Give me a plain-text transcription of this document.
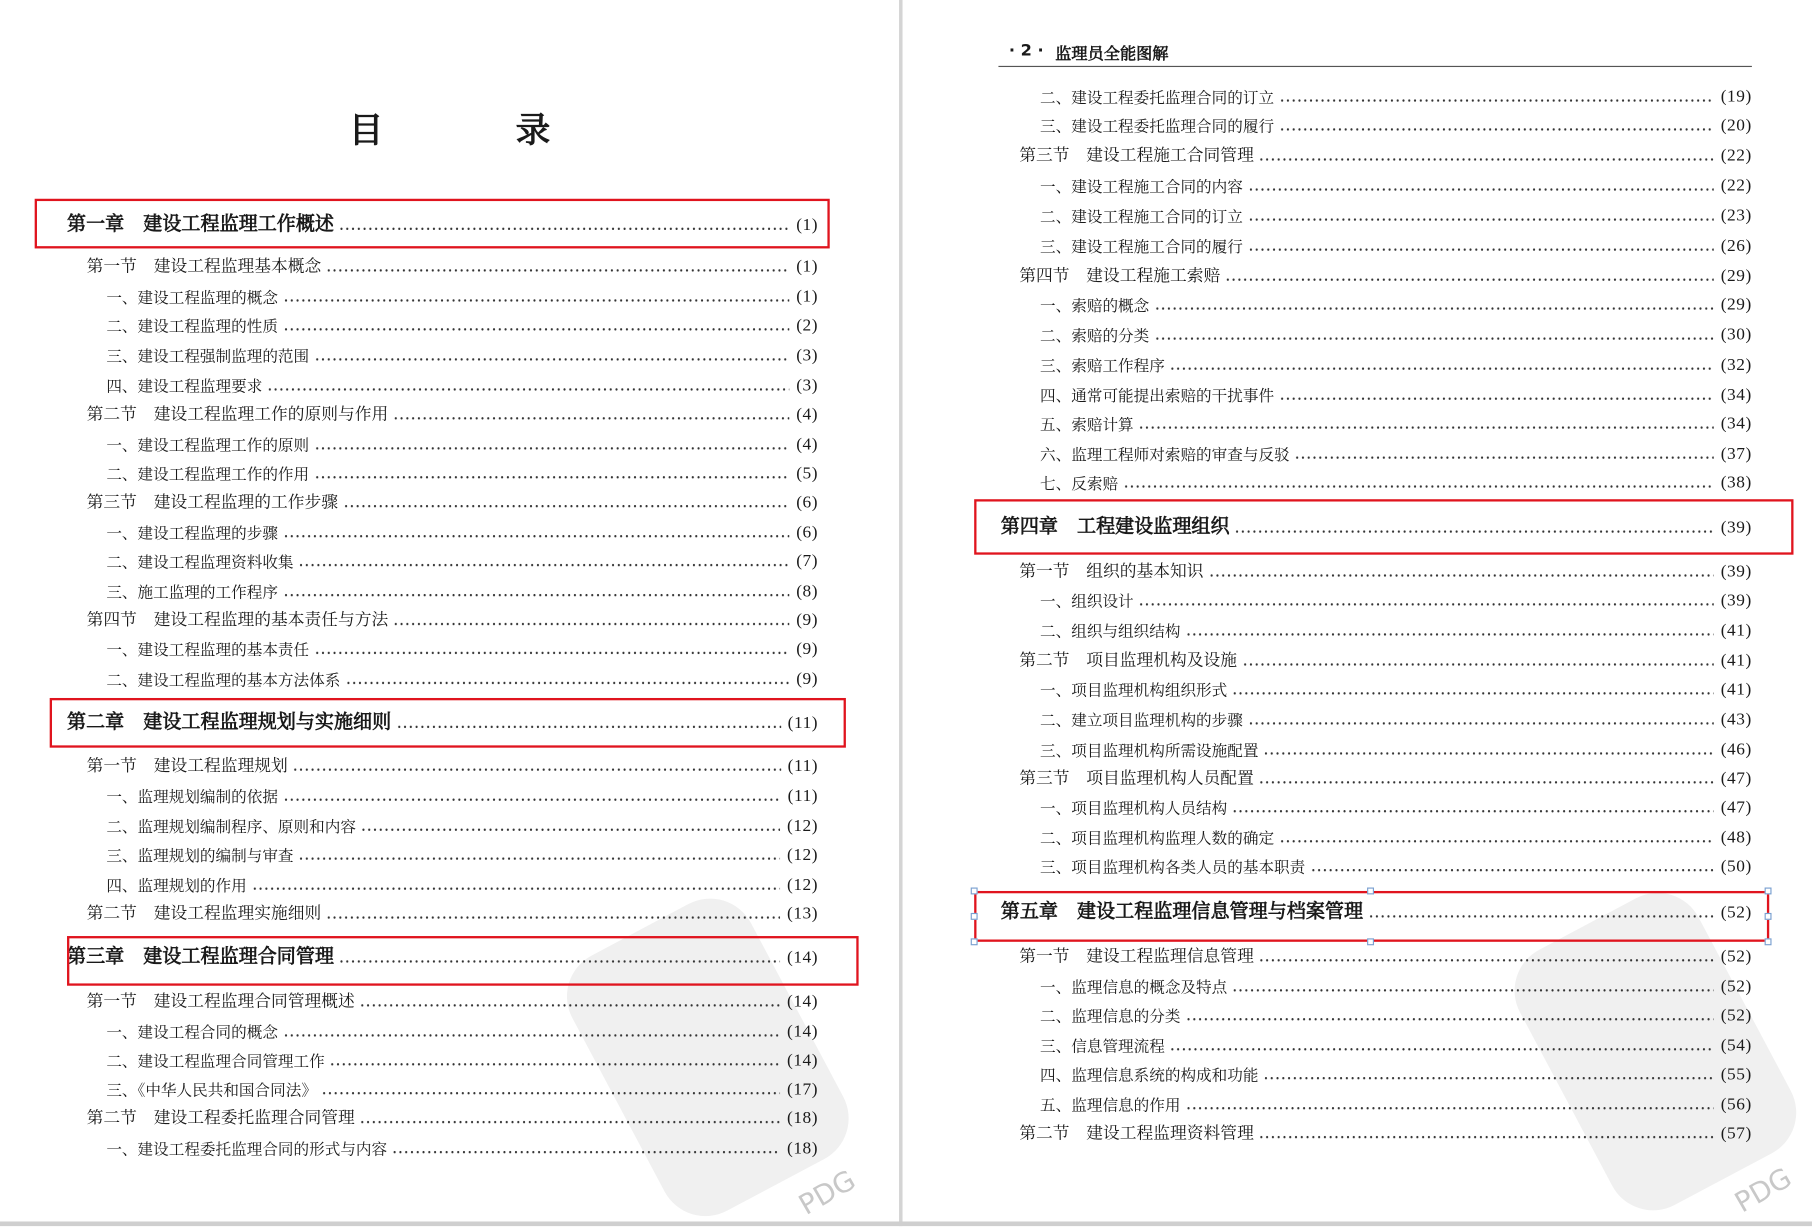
目 录
· 2 · 监理员全能图解
PDG	PDG
第一章　建设工程监理工作概述	(1)
第一节　建设工程监理基本概念	(1)
一、建设工程监理的概念	(1)
二、建设工程监理的性质	(2)
三、建设工程强制监理的范围	(3)
四、建设工程监理要求	(3)
第二节　建设工程监理工作的原则与作用	(4)
一、建设工程监理工作的原则	(4)
二、建设工程监理工作的作用	(5)
第三节　建设工程监理的工作步骤	(6)
一、建设工程监理的步骤	(6)
二、建设工程监理资料收集	(7)
三、施工监理的工作程序	(8)
第四节　建设工程监理的基本责任与方法	(9)
一、建设工程监理的基本责任	(9)
二、建设工程监理的基本方法体系	(9)
第二章　建设工程监理规划与实施细则	(11)
第一节　建设工程监理规划	(11)
一、监理规划编制的依据	(11)
二、监理规划编制程序、原则和内容	(12)
三、监理规划的编制与审查	(12)
四、监理规划的作用	(12)
第二节　建设工程监理实施细则	(13)
第三章　建设工程监理合同管理	(14)
第一节　建设工程监理合同管理概述	(14)
一、建设工程合同的概念	(14)
二、建设工程监理合同管理工作	(14)
三、《中华人民共和国合同法》	(17)
第二节　建设工程委托监理合同管理	(18)
一、建设工程委托监理合同的形式与内容	(18)
二、建设工程委托监理合同的订立	(19)
三、建设工程委托监理合同的履行	(20)
第三节　建设工程施工合同管理	(22)
一、建设工程施工合同的内容	(22)
二、建设工程施工合同的订立	(23)
三、建设工程施工合同的履行	(26)
第四节　建设工程施工索赔	(29)
一、索赔的概念	(29)
二、索赔的分类	(30)
三、索赔工作程序	(32)
四、通常可能提出索赔的干扰事件	(34)
五、索赔计算	(34)
六、监理工程师对索赔的审查与反驳	(37)
七、反索赔	(38)
第四章　工程建设监理组织	(39)
第一节　组织的基本知识	(39)
一、组织设计	(39)
二、组织与组织结构	(41)
第二节　项目监理机构及设施	(41)
一、项目监理机构组织形式	(41)
二、建立项目监理机构的步骤	(43)
三、项目监理机构所需设施配置	(46)
第三节　项目监理机构人员配置	(47)
一、项目监理机构人员结构	(47)
二、项目监理机构监理人数的确定	(48)
三、项目监理机构各类人员的基本职责	(50)
第五章　建设工程监理信息管理与档案管理	(52)
第一节　建设工程监理信息管理	(52)
一、监理信息的概念及特点	(52)
二、监理信息的分类	(52)
三、信息管理流程	(54)
四、监理信息系统的构成和功能	(55)
五、监理信息的作用	(56)
第二节　建设工程监理资料管理	(57)
